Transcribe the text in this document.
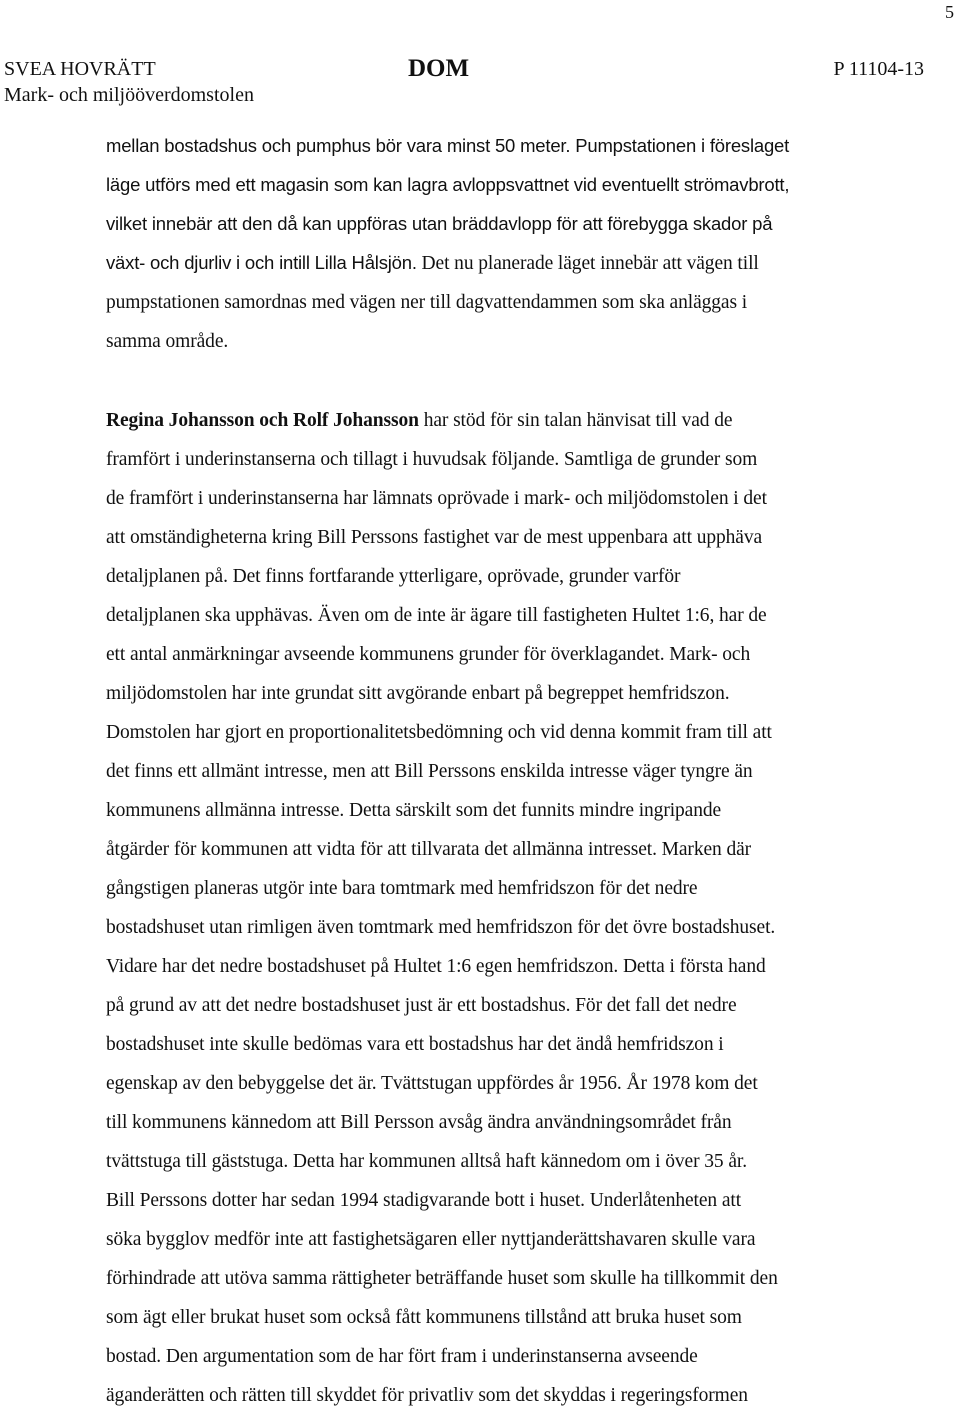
5
SVEA HOVRÄTT
Mark- och miljööverdomstolen
DOM	P 11104-13
mellan bostadshus och pumphus bör vara minst 50 meter. Pumpstationen i föreslaget
läge utförs med ett magasin som kan lagra avloppsvattnet vid eventuellt strömavbrott,
vilket innebär att den då kan uppföras utan bräddavlopp för att förebygga skador på
växt- och djurliv i och intill Lilla Hålsjön. Det nu planerade läget innebär att vägen till
pumpstationen samordnas med vägen ner till dagvattendammen som ska anläggas i
samma område.
Regina Johansson och Rolf Johansson har stöd för sin talan hänvisat till vad de
framfört i underinstanserna och tillagt i huvudsak följande. Samtliga de grunder som
de framfört i underinstanserna har lämnats oprövade i mark- och miljödomstolen i det
att omständigheterna kring Bill Perssons fastighet var de mest uppenbara att upphäva
detaljplanen på. Det finns fortfarande ytterligare, oprövade, grunder varför
detaljplanen ska upphävas. Även om de inte är ägare till fastigheten Hultet 1:6, har de
ett antal anmärkningar avseende kommunens grunder för överklagandet. Mark- och
miljödomstolen har inte grundat sitt avgörande enbart på begreppet hemfridszon.
Domstolen har gjort en proportionalitetsbedömning och vid denna kommit fram till att
det finns ett allmänt intresse, men att Bill Perssons enskilda intresse väger tyngre än
kommunens allmänna intresse. Detta särskilt som det funnits mindre ingripande
åtgärder för kommunen att vidta för att tillvarata det allmänna intresset. Marken där
gångstigen planeras utgör inte bara tomtmark med hemfridszon för det nedre
bostadshuset utan rimligen även tomtmark med hemfridszon för det övre bostadshuset.
Vidare har det nedre bostadshuset på Hultet 1:6 egen hemfridszon. Detta i första hand
på grund av att det nedre bostadshuset just är ett bostadshus. För det fall det nedre
bostadshuset inte skulle bedömas vara ett bostadshus har det ändå hemfridszon i
egenskap av den bebyggelse det är. Tvättstugan uppfördes år 1956. År 1978 kom det
till kommunens kännedom att Bill Persson avsåg ändra användningsområdet från
tvättstuga till gäststuga. Detta har kommunen alltså haft kännedom om i över 35 år.
Bill Perssons dotter har sedan 1994 stadigvarande bott i huset. Underlåtenheten att
söka bygglov medför inte att fastighetsägaren eller nyttjanderättshavaren skulle vara
förhindrade att utöva samma rättigheter beträffande huset som skulle ha tillkommit den
som ägt eller brukat huset som också fått kommunens tillstånd att bruka huset som
bostad. Den argumentation som de har fört fram i underinstanserna avseende
äganderätten och rätten till skyddet för privatliv som det skyddas i regeringsformen
